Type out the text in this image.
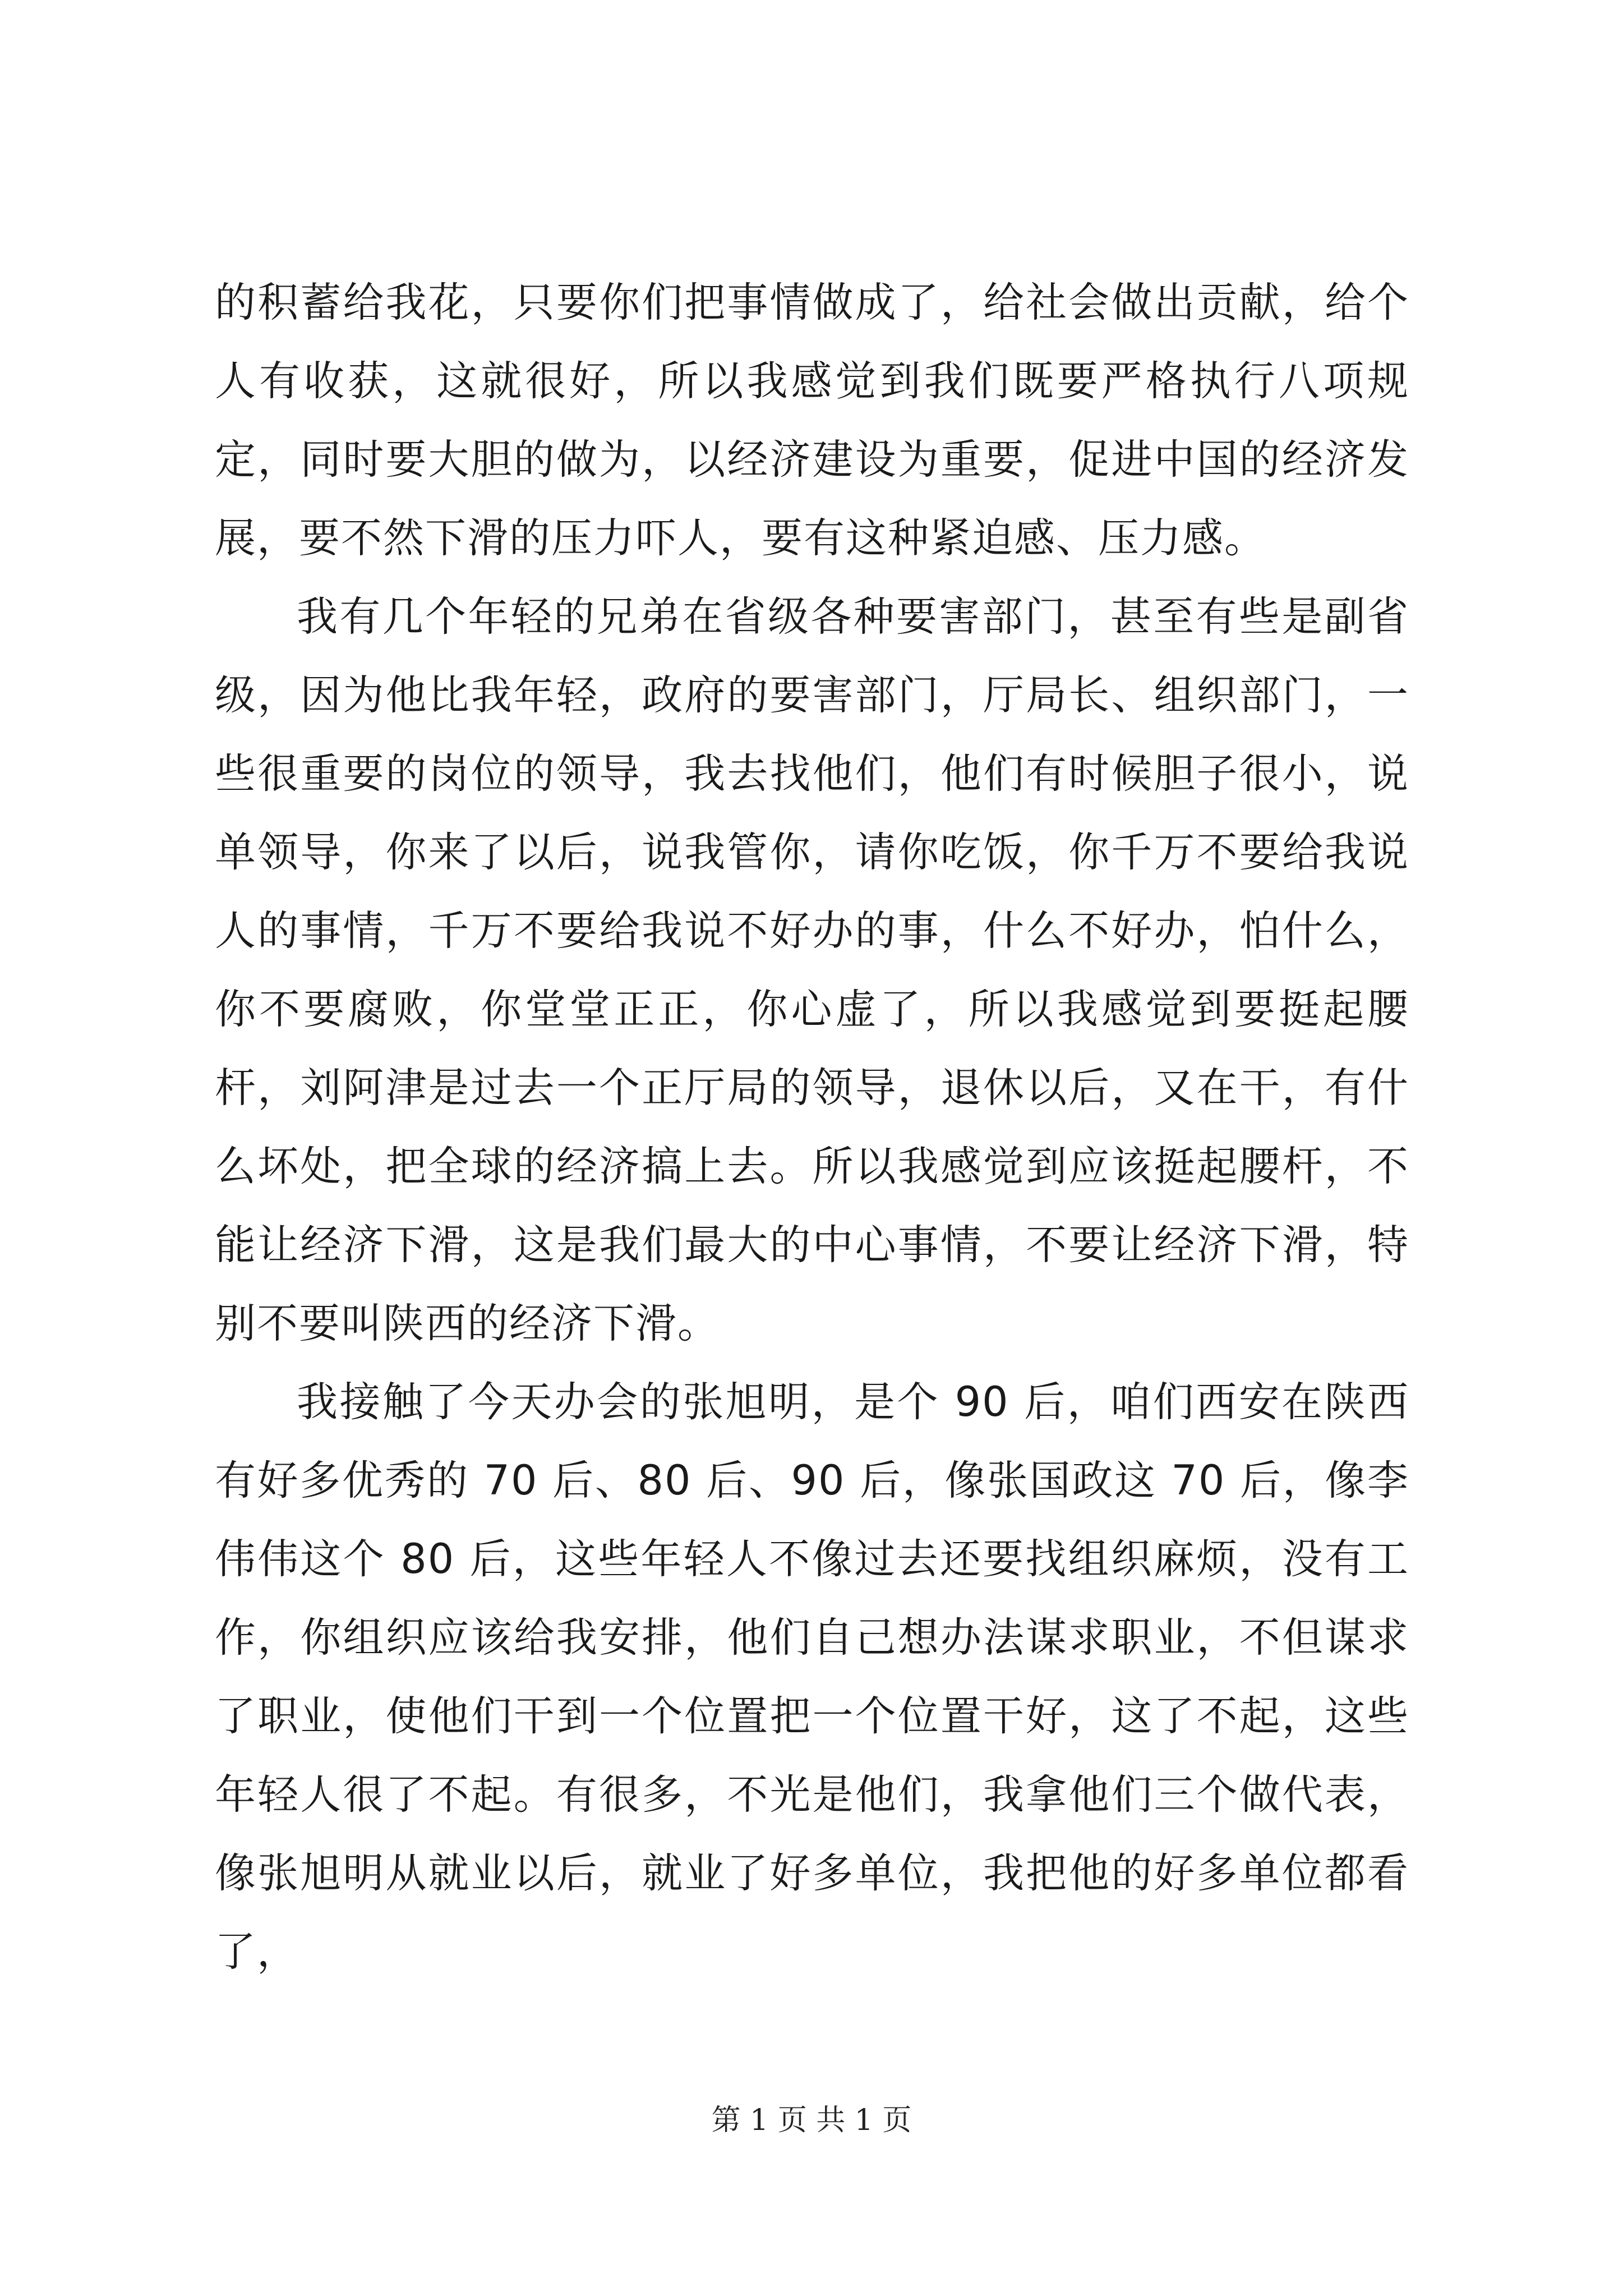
的积蓄给我花，只要你们把事情做成了，给社会做出贡献，给个人有收获，这就很好，所以我感觉到我们既要严格执行八项规定，同时要大胆的做为，以经济建设为重要，促进中国的经济发展，要不然下滑的压力吓人，要有这种紧迫感、压力感。

我有几个年轻的兄弟在省级各种要害部门，甚至有些是副省级，因为他比我年轻，政府的要害部门，厅局长、组织部门，一些很重要的岗位的领导，我去找他们，他们有时候胆子很小，说单领导，你来了以后，说我管你，请你吃饭，你千万不要给我说人的事情，千万不要给我说不好办的事，什么不好办，怕什么，你不要腐败，你堂堂正正，你心虚了，所以我感觉到要挺起腰杆，刘阿津是过去一个正厅局的领导，退休以后，又在干，有什么坏处，把全球的经济搞上去。所以我感觉到应该挺起腰杆，不能让经济下滑，这是我们最大的中心事情，不要让经济下滑，特别不要叫陕西的经济下滑。

我接触了今天办会的张旭明，是个 90 后，咱们西安在陕西有好多优秀的 70 后、80 后、90 后，像张国政这 70 后，像李伟伟这个 80 后，这些年轻人不像过去还要找组织麻烦，没有工作，你组织应该给我安排，他们自己想办法谋求职业，不但谋求了职业，使他们干到一个位置把一个位置干好，这了不起，这些年轻人很了不起。有很多，不光是他们，我拿他们三个做代表，像张旭明从就业以后，就业了好多单位，我把他的好多单位都看了，

第 1 页 共 1 页
